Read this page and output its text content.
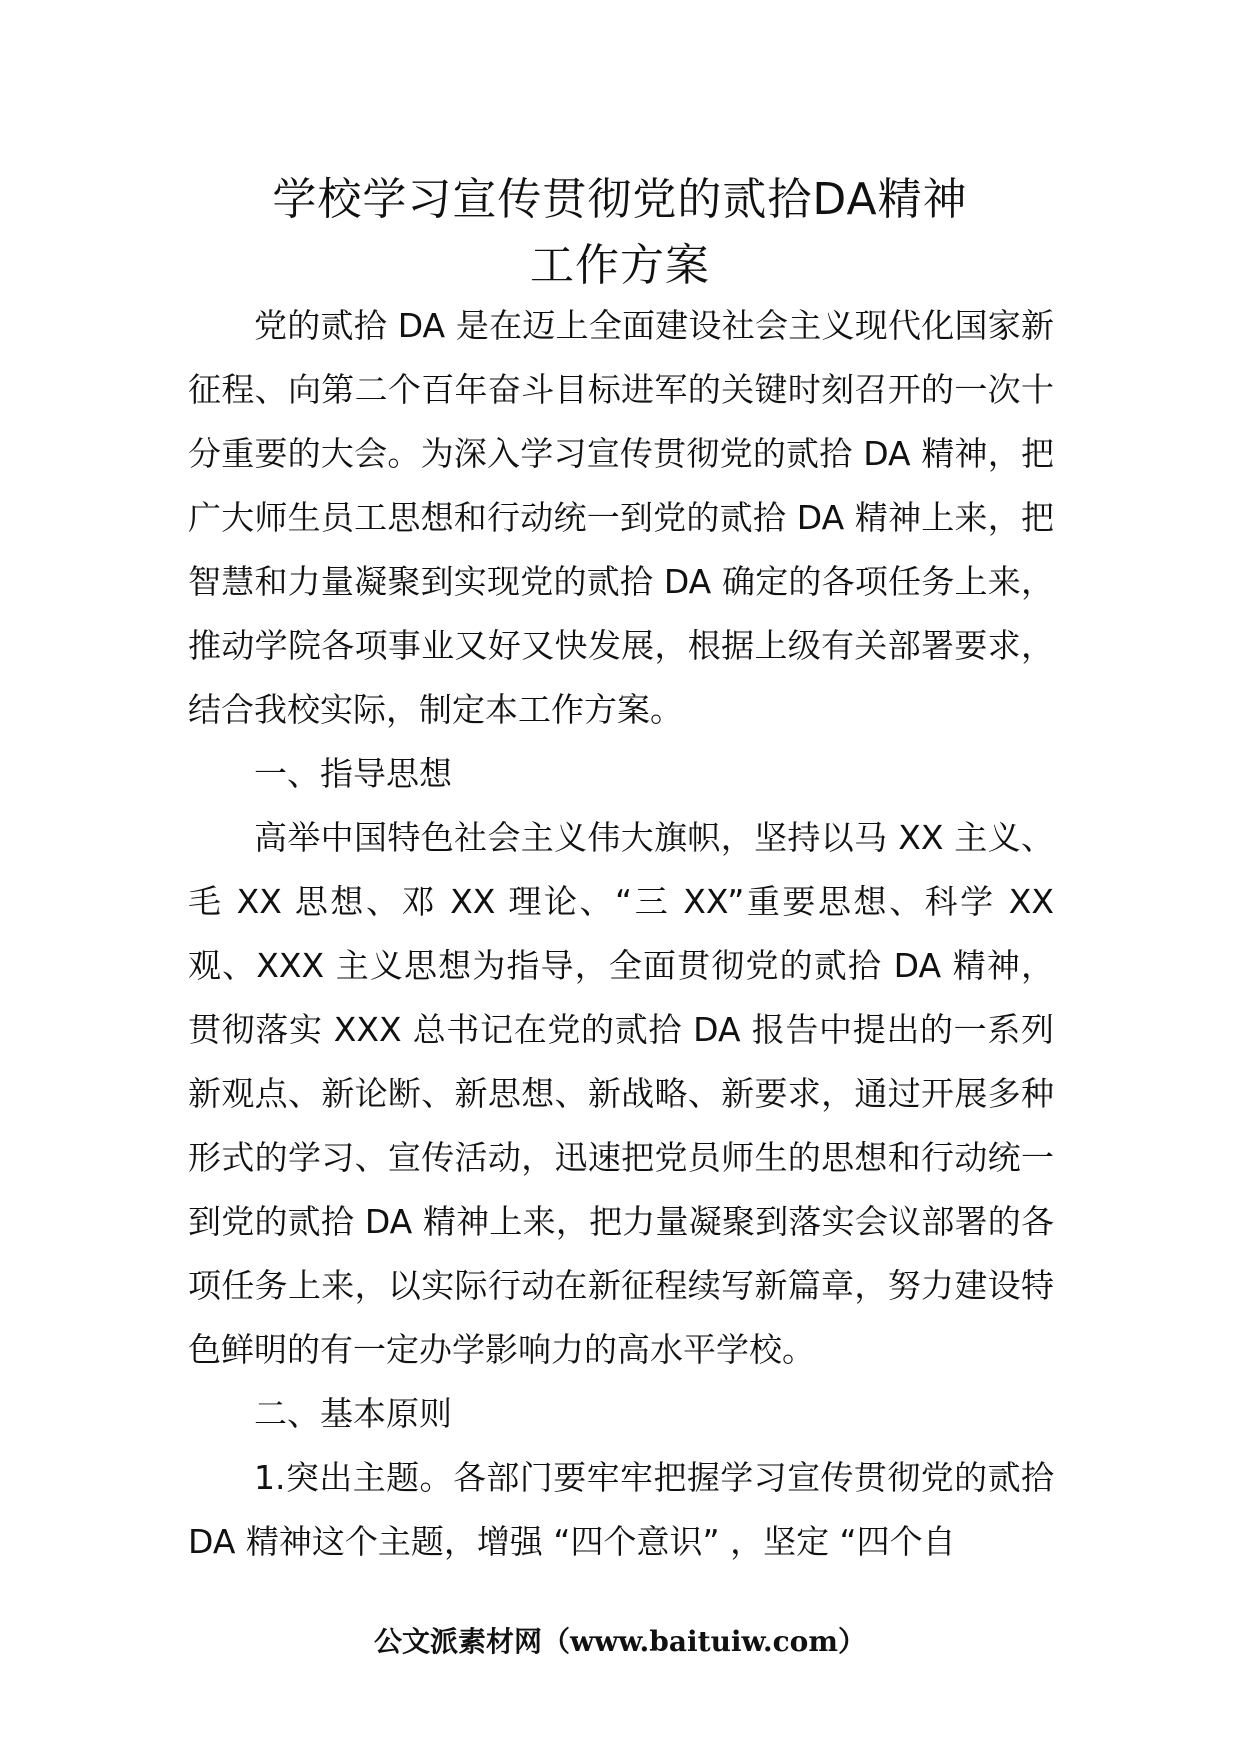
学校学习宣传贯彻党的贰拾DA精神
工作方案

党的贰拾 DA 是在迈上全面建设社会主义现代化国家新征程、向第二个百年奋斗目标进军的关键时刻召开的一次十分重要的大会。为深入学习宣传贯彻党的贰拾 DA 精神，把广大师生员工思想和行动统一到党的贰拾 DA 精神上来，把智慧和力量凝聚到实现党的贰拾 DA 确定的各项任务上来，推动学院各项事业又好又快发展，根据上级有关部署要求，结合我校实际，制定本工作方案。

一、指导思想

高举中国特色社会主义伟大旗帜，坚持以马 XX 主义、毛 XX 思想、邓 XX 理论、“三 XX”重要思想、科学 XX 观、XXX 主义思想为指导，全面贯彻党的贰拾 DA 精神，贯彻落实 XXX 总书记在党的贰拾 DA 报告中提出的一系列新观点、新论断、新思想、新战略、新要求，通过开展多种形式的学习、宣传活动，迅速把党员师生的思想和行动统一到党的贰拾 DA 精神上来，把力量凝聚到落实会议部署的各项任务上来，以实际行动在新征程续写新篇章，努力建设特色鲜明的有一定办学影响力的高水平学校。

二、基本原则

1.突出主题。各部门要牢牢把握学习宣传贯彻党的贰拾 DA 精神这个主题，增强 “四个意识” ，坚定 “四个自

公文派素材网（www.baituiw.com）
